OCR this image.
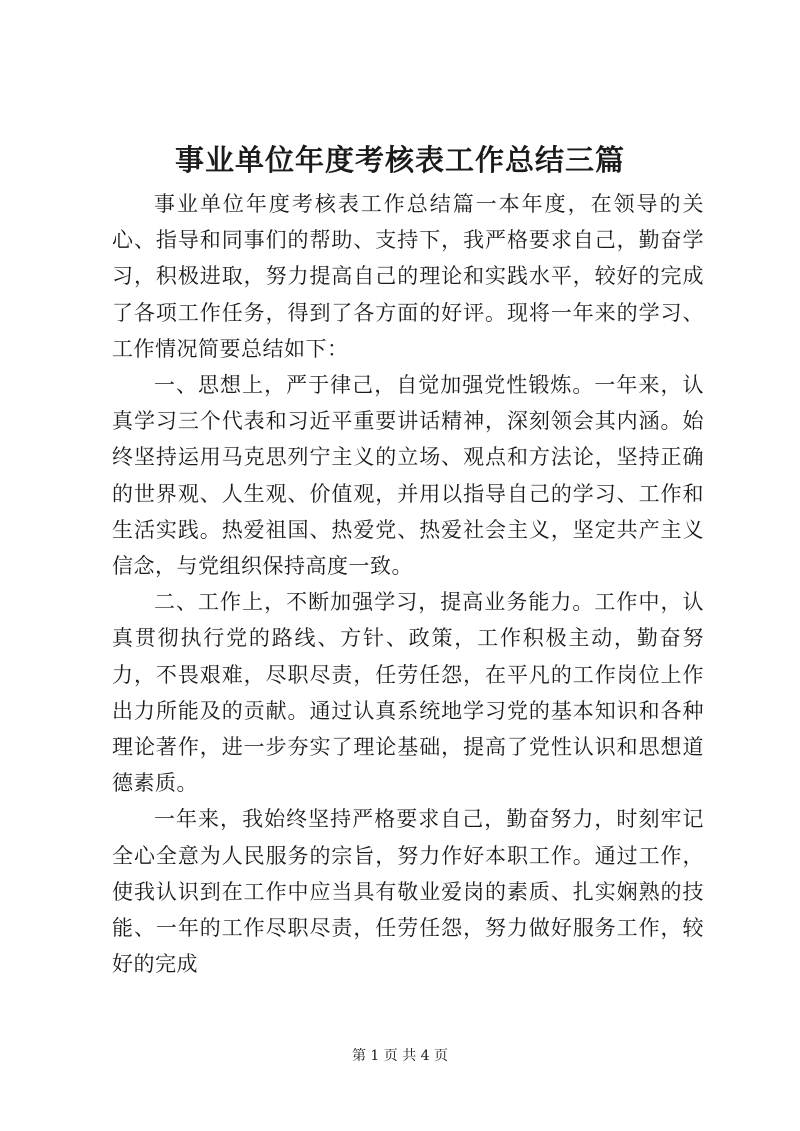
事业单位年度考核表工作总结三篇

事业单位年度考核表工作总结篇一本年度，在领导的关心、指导和同事们的帮助、支持下，我严格要求自己，勤奋学习，积极进取，努力提高自己的理论和实践水平，较好的完成了各项工作任务，得到了各方面的好评。现将一年来的学习、工作情况简要总结如下：

一、思想上，严于律己，自觉加强党性锻炼。一年来，认真学习三个代表和习近平重要讲话精神，深刻领会其内涵。始终坚持运用马克思列宁主义的立场、观点和方法论，坚持正确的世界观、人生观、价值观，并用以指导自己的学习、工作和生活实践。热爱祖国、热爱党、热爱社会主义，坚定共产主义信念，与党组织保持高度一致。

二、工作上，不断加强学习，提高业务能力。工作中，认真贯彻执行党的路线、方针、政策，工作积极主动，勤奋努力，不畏艰难，尽职尽责，任劳任怨，在平凡的工作岗位上作出力所能及的贡献。通过认真系统地学习党的基本知识和各种理论著作，进一步夯实了理论基础，提高了党性认识和思想道德素质。

一年来，我始终坚持严格要求自己，勤奋努力，时刻牢记全心全意为人民服务的宗旨，努力作好本职工作。通过工作，使我认识到在工作中应当具有敬业爱岗的素质、扎实娴熟的技能、一年的工作尽职尽责，任劳任怨，努力做好服务工作，较好的完成

第 1 页 共 4 页
